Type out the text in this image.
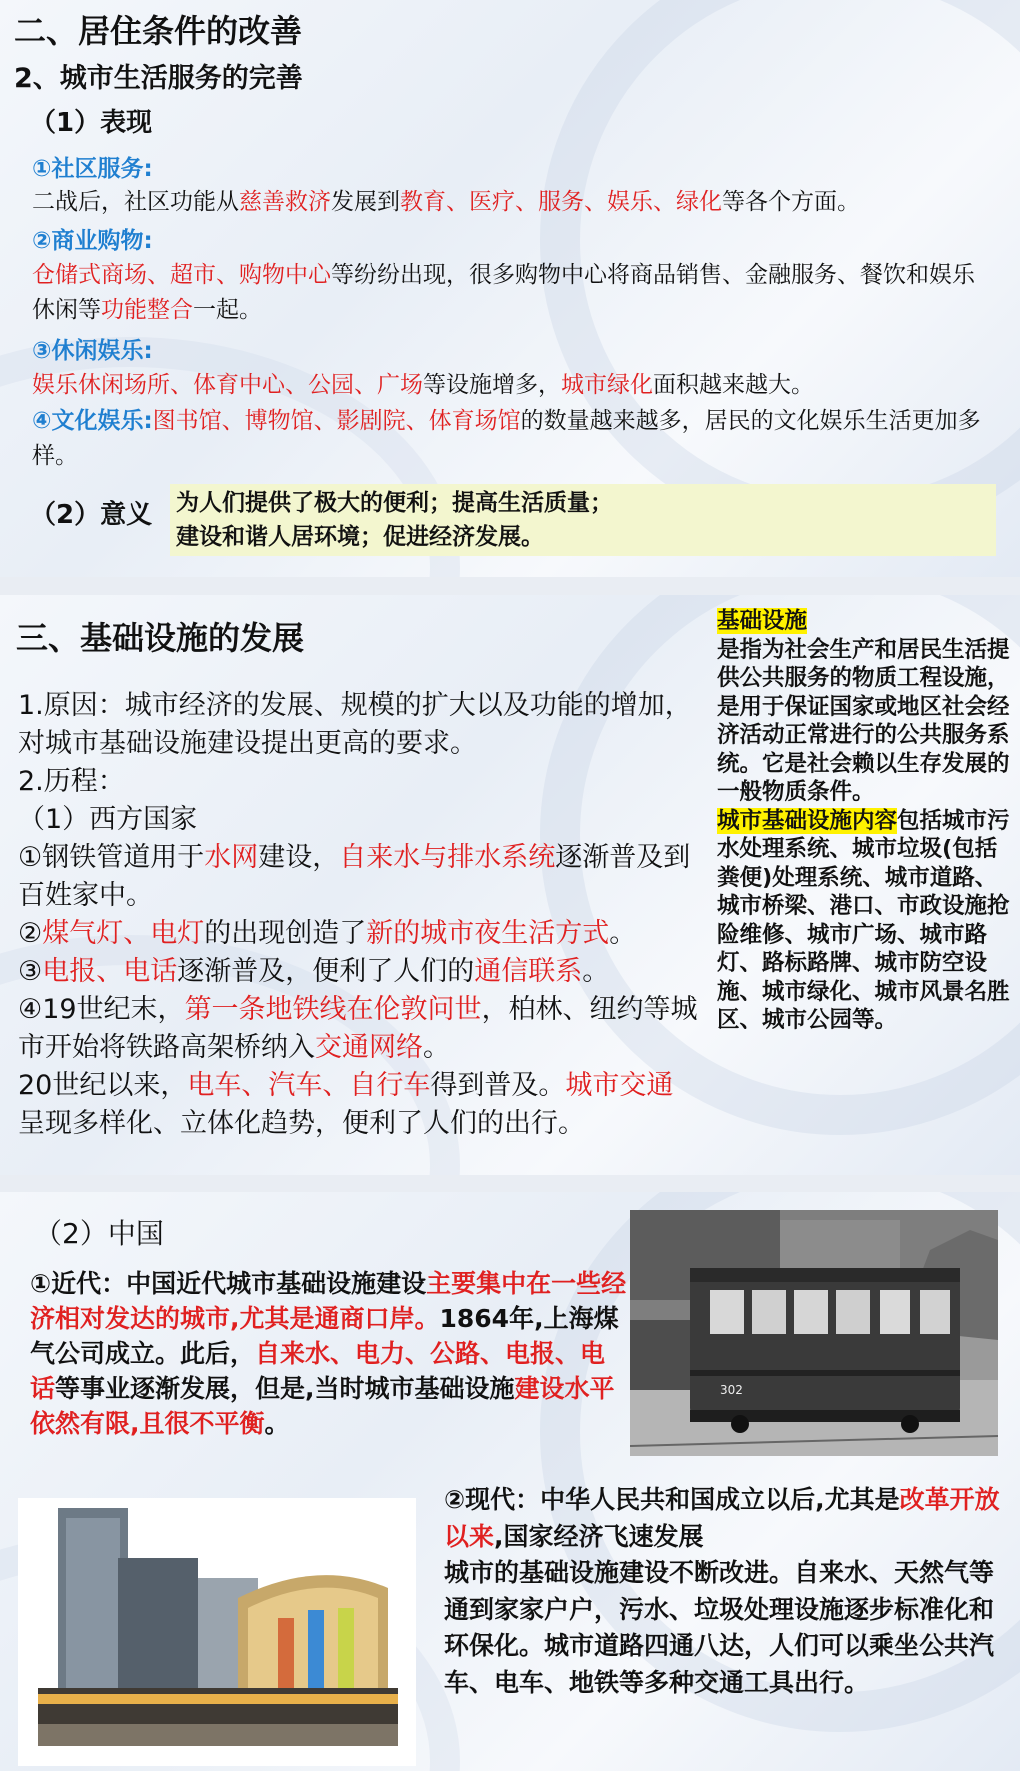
二、居住条件的改善
2、城市生活服务的完善
（1）表现
①社区服务:
二战后，社区功能从慈善救济发展到教育、医疗、服务、娱乐、绿化等各个方面。
②商业购物:
仓储式商场、超市、购物中心等纷纷出现，很多购物中心将商品销售、金融服务、餐饮和娱乐休闲等功能整合一起。
③休闲娱乐:
娱乐休闲场所、体育中心、公园、广场等设施增多，城市绿化面积越来越大。
④文化娱乐:图书馆、博物馆、影剧院、体育场馆的数量越来越多，居民的文化娱乐生活更加多样。
（2）意义 为人们提供了极大的便利；提高生活质量；
建设和谐人居环境；促进经济发展。
三、基础设施的发展
1.原因：城市经济的发展、规模的扩大以及功能的增加，对城市基础设施建设提出更高的要求。
2.历程：
（1）西方国家
①钢铁管道用于水网建设，自来水与排水系统逐渐普及到百姓家中。
②煤气灯、电灯的出现创造了新的城市夜生活方式。
③电报、电话逐渐普及，便利了人们的通信联系。
④19世纪末，第一条地铁线在伦敦问世，柏林、纽约等城市开始将铁路高架桥纳入交通网络。
20世纪以来，电车、汽车、自行车得到普及。城市交通呈现多样化、立体化趋势，便利了人们的出行。
基础设施
是指为社会生产和居民生活提供公共服务的物质工程设施，是用于保证国家或地区社会经济活动正常进行的公共服务系统。它是社会赖以生存发展的一般物质条件。
城市基础设施内容包括城市污水处理系统、城市垃圾(包括粪便)处理系统、城市道路、城市桥梁、港口、市政设施抢险维修、城市广场、城市路灯、路标路牌、城市防空设施、城市绿化、城市风景名胜区、城市公园等。
（2）中国
①近代：中国近代城市基础设施建设主要集中在一些经济相对发达的城市,尤其是通商口岸。1864年,上海煤气公司成立。此后，自来水、电力、公路、电报、电话等事业逐渐发展，但是,当时城市基础设施建设水平依然有限,且很不平衡。
302
②现代：中华人民共和国成立以后,尤其是改革开放以来,国家经济飞速发展
城市的基础设施建设不断改进。自来水、天然气等通到家家户户，污水、垃圾处理设施逐步标准化和环保化。城市道路四通八达，人们可以乘坐公共汽车、电车、地铁等多种交通工具出行。
